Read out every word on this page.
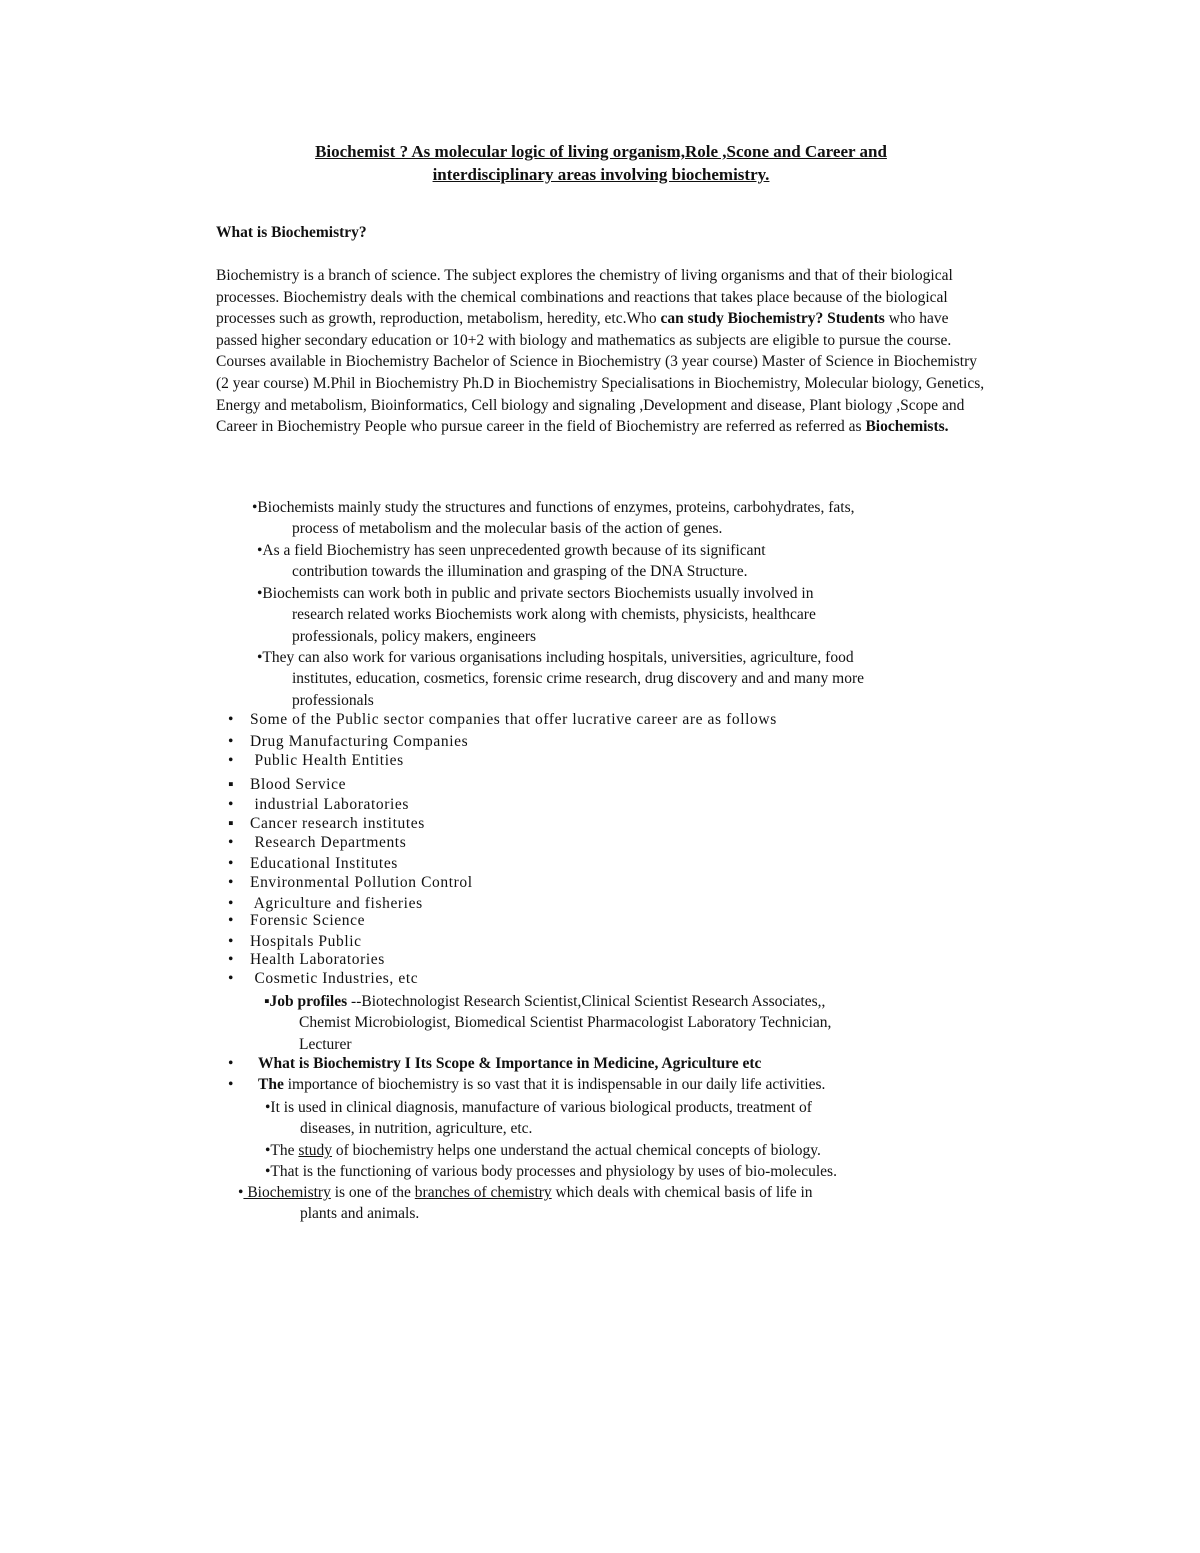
Biochemist ? As molecular logic of living organism,Role ,Scone and Career and
interdisciplinary areas involving biochemistry.
What is Biochemistry?
Biochemistry is a branch of science. The subject explores the chemistry of living organisms and that of their biological processes. Biochemistry deals with the chemical combinations and reactions that takes place because of the biological processes such as growth, reproduction, metabolism, heredity, etc.Who can study Biochemistry? Students who have passed higher secondary education or 10+2 with biology and mathematics as subjects are eligible to pursue the course. Courses available in Biochemistry Bachelor of Science in Biochemistry (3 year course) Master of Science in Biochemistry (2 year course) M.Phil in Biochemistry Ph.D in Biochemistry Specialisations in Biochemistry, Molecular biology, Genetics, Energy and metabolism, Bioinformatics, Cell biology and signaling ,Development and disease, Plant biology ,Scope and Career in Biochemistry People who pursue career in the field of Biochemistry are referred as referred as Biochemists.
•Biochemists mainly study the structures and functions of enzymes, proteins, carbohydrates, fats,
process of metabolism and the molecular basis of the action of genes.
•As a field Biochemistry has seen unprecedented growth because of its significant
contribution towards the illumination and grasping of the DNA Structure.
•Biochemists can work both in public and private sectors Biochemists usually involved in
research related works Biochemists work along with chemists, physicists, healthcare
professionals, policy makers, engineers
•They can also work for various organisations including hospitals, universities, agriculture, food
institutes, education, cosmetics, forensic crime research, drug discovery and and many more
professionals
• Some of the Public sector companies that offer lucrative career are as follows
• Drug Manufacturing Companies
• Public Health Entities
▪ Blood Service
• industrial Laboratories
▪ Cancer research institutes
• Research Departments
• Educational Institutes
• Environmental Pollution Control
• Agriculture and fisheries
• Forensic Science
• Hospitals Public
• Health Laboratories
• Cosmetic Industries, etc
▪Job profiles --Biotechnologist Research Scientist,Clinical Scientist Research Associates,,
Chemist Microbiologist, Biomedical Scientist Pharmacologist Laboratory Technician,
Lecturer
• What is Biochemistry I Its Scope & Importance in Medicine, Agriculture etc
• The importance of biochemistry is so vast that it is indispensable in our daily life activities.
•It is used in clinical diagnosis, manufacture of various biological products, treatment of
diseases, in nutrition, agriculture, etc.
•The study of biochemistry helps one understand the actual chemical concepts of biology.
•That is the functioning of various body processes and physiology by uses of bio-molecules.
• Biochemistry is one of the branches of chemistry which deals with chemical basis of life in
plants and animals.
